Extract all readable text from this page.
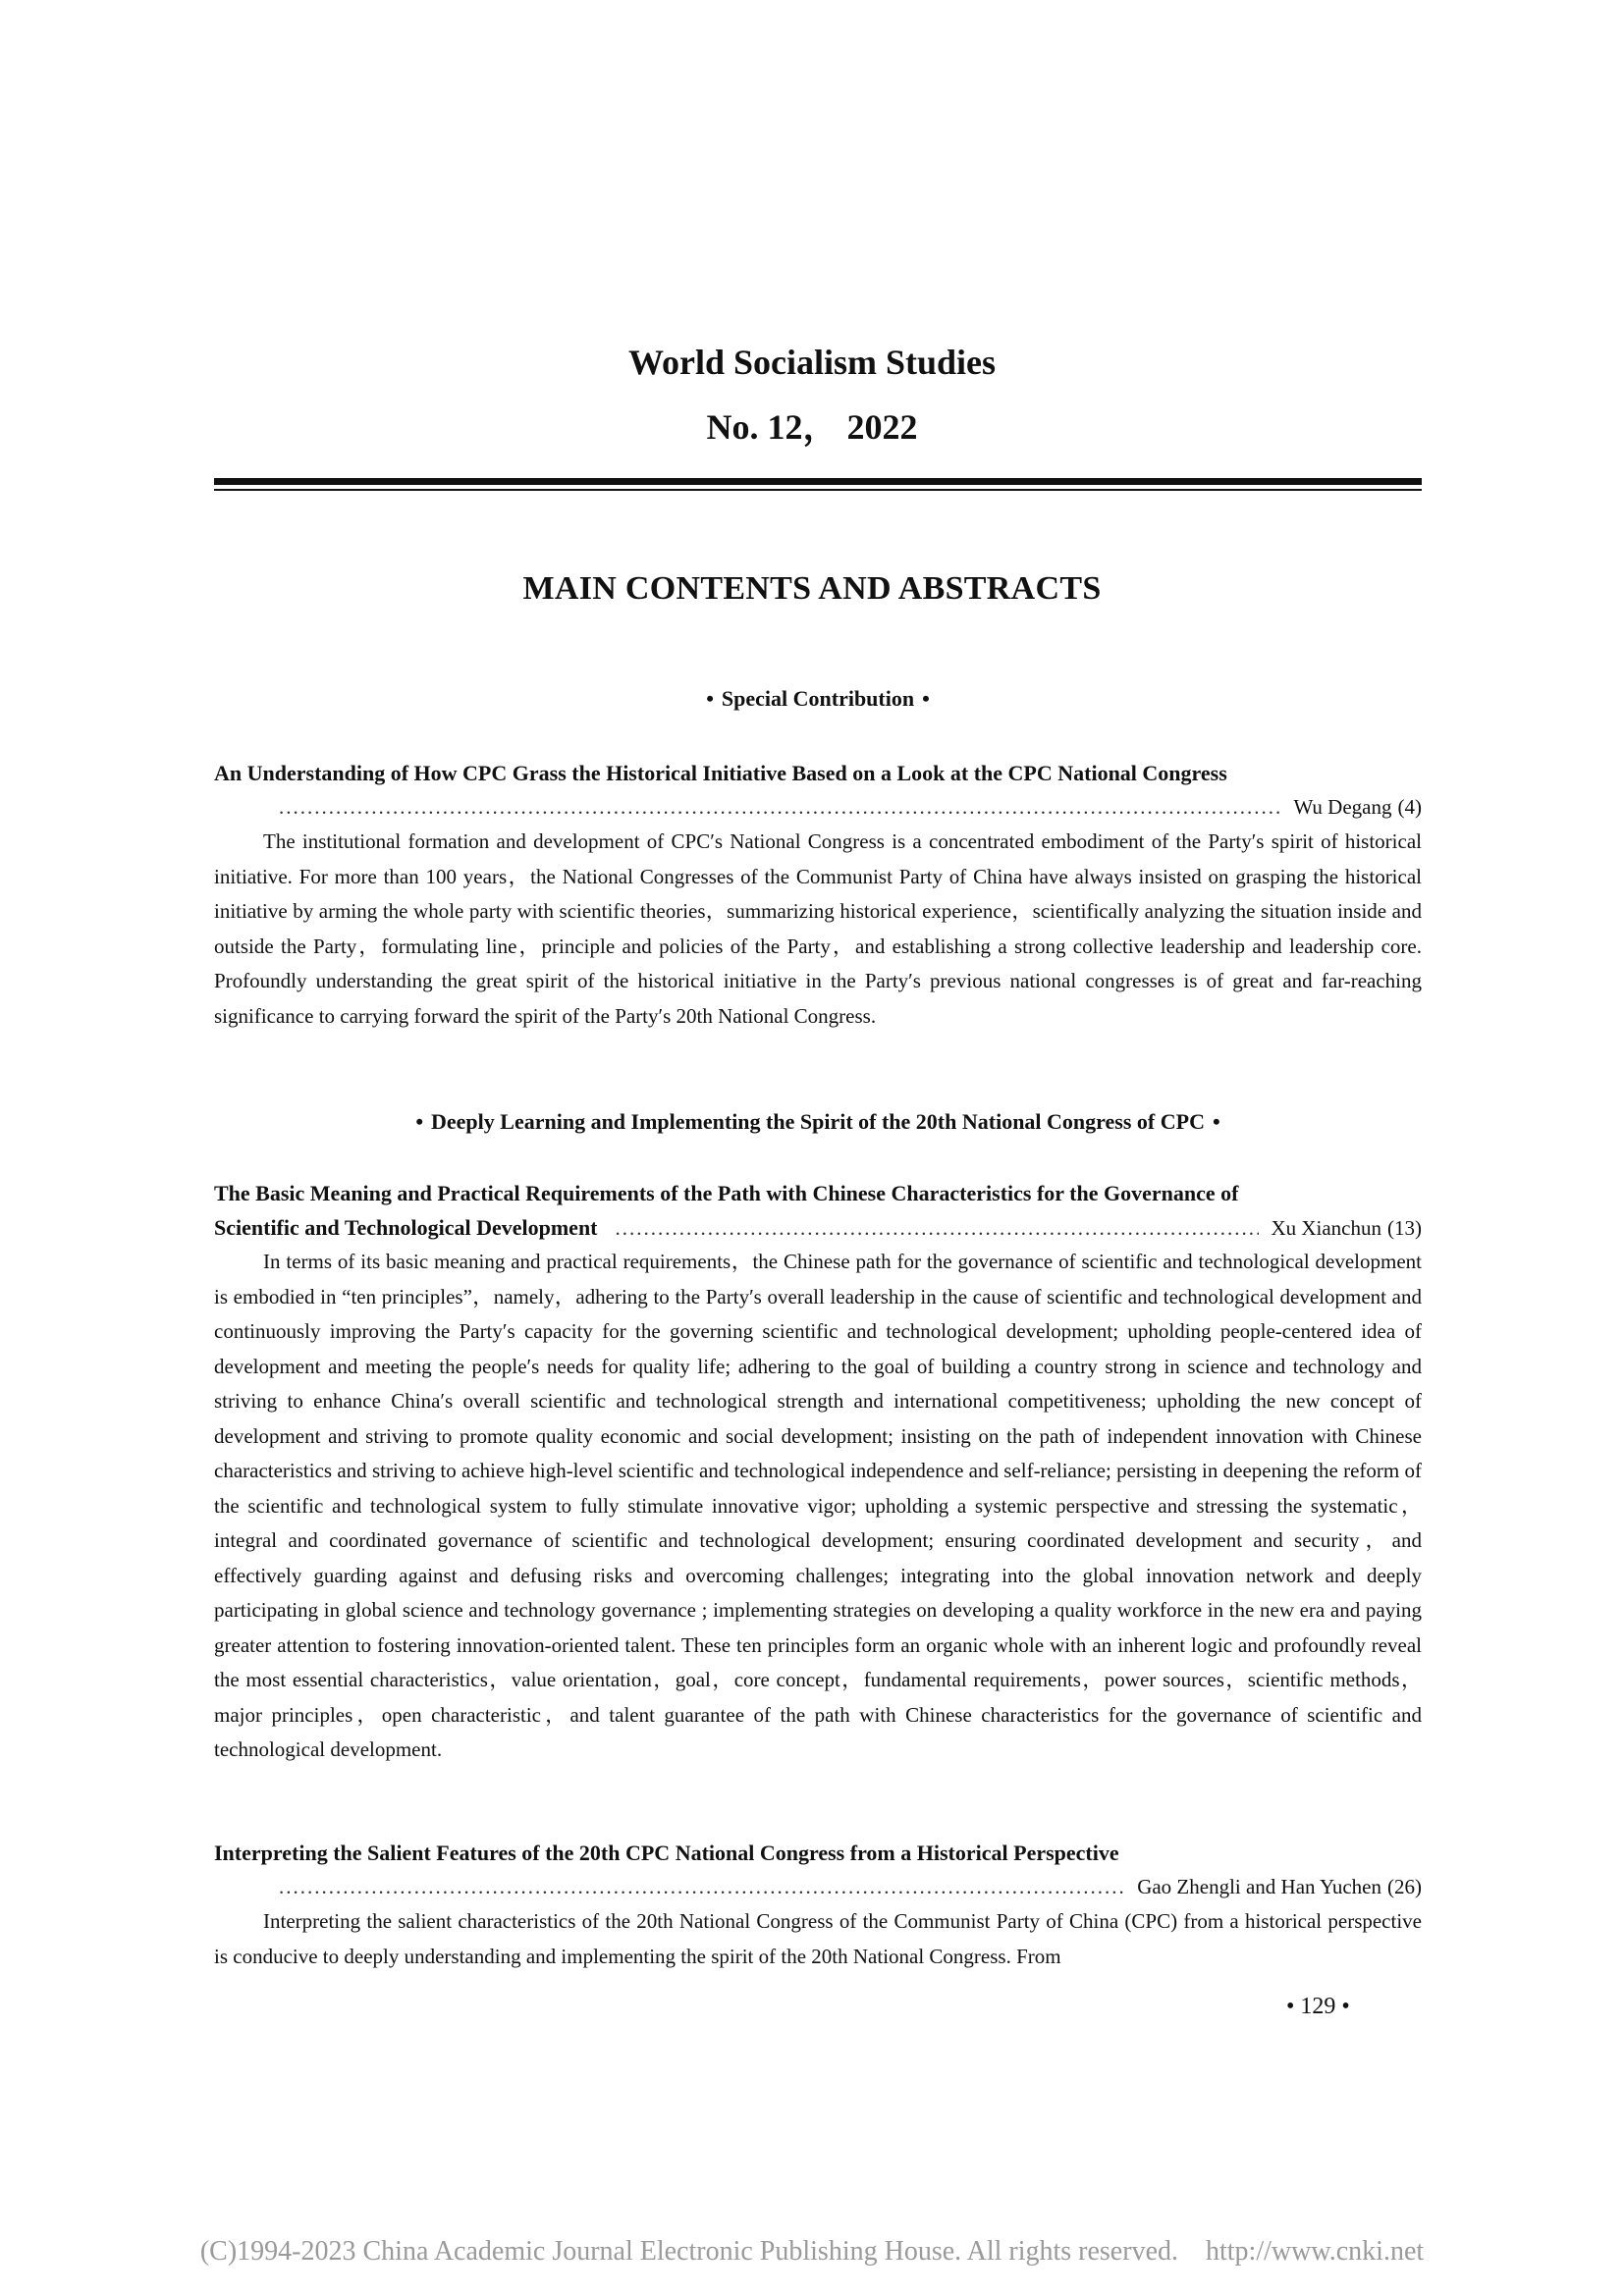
World Socialism Studies
No. 12， 2022
MAIN CONTENTS AND ABSTRACTS
• Special Contribution •
An Understanding of How CPC Grass the Historical Initiative Based on a Look at the CPC National Congress
.....
Wu Degang (4)

The institutional formation and development of CPC′s National Congress is a concentrated embodiment of the Party′s spirit of historical initiative. For more than 100 years，the National Congresses of the Communist Party of China have always insisted on grasping the historical initiative by arming the whole party with scientific theories，summarizing historical experience，scientifically analyzing the situation inside and outside the Party，formulating line，principle and policies of the Party，and establishing a strong collective leadership and leadership core. Profoundly understanding the great spirit of the historical initiative in the Party′s previous national congresses is of great and far-reaching significance to carrying forward the spirit of the Party′s 20th National Congress.

• Deeply Learning and Implementing the Spirit of the 20th National Congress of CPC •
The Basic Meaning and Practical Requirements of the Path with Chinese Characteristics for the Governance of
Scientific and Technological Development
.....	Xu Xianchun (13)

In terms of its basic meaning and practical requirements，the Chinese path for the governance of scientific and technological development is embodied in “ten principles”，namely，adhering to the Party′s overall leadership in the cause of scientific and technological development and continuously improving the Party′s capacity for the governing scientific and technological development; upholding people-centered idea of development and meeting the people′s needs for quality life; adhering to the goal of building a country strong in science and technology and striving to enhance China′s overall scientific and technological strength and international competitiveness; upholding the new concept of development and striving to promote quality economic and social development; insisting on the path of independent innovation with Chinese characteristics and striving to achieve high-level scientific and technological independence and self-reliance; persisting in deepening the reform of the scientific and technological system to fully stimulate innovative vigor; upholding a systemic perspective and stressing the systematic，integral and coordinated governance of scientific and technological development; ensuring coordinated development and security，and effectively guarding against and defusing risks and overcoming challenges; integrating into the global innovation network and deeply participating in global science and technology governance ; implementing strategies on developing a quality workforce in the new era and paying greater attention to fostering innovation-oriented talent. These ten principles form an organic whole with an inherent logic and profoundly reveal the most essential characteristics，value orientation，goal，core concept，fundamental requirements，power sources，scientific methods，major principles，open characteristic，and talent guarantee of the path with Chinese characteristics for the governance of scientific and technological development.

Interpreting the Salient Features of the 20th CPC National Congress from a Historical Perspective
.....
Gao Zhengli and Han Yuchen (26)

Interpreting the salient characteristics of the 20th National Congress of the Communist Party of China (CPC) from a historical perspective is conducive to deeply understanding and implementing the spirit of the 20th National Congress. From

• 129 •
(C)1994-2023 China Academic Journal Electronic Publishing House. All rights reserved. http://www.cnki.net
